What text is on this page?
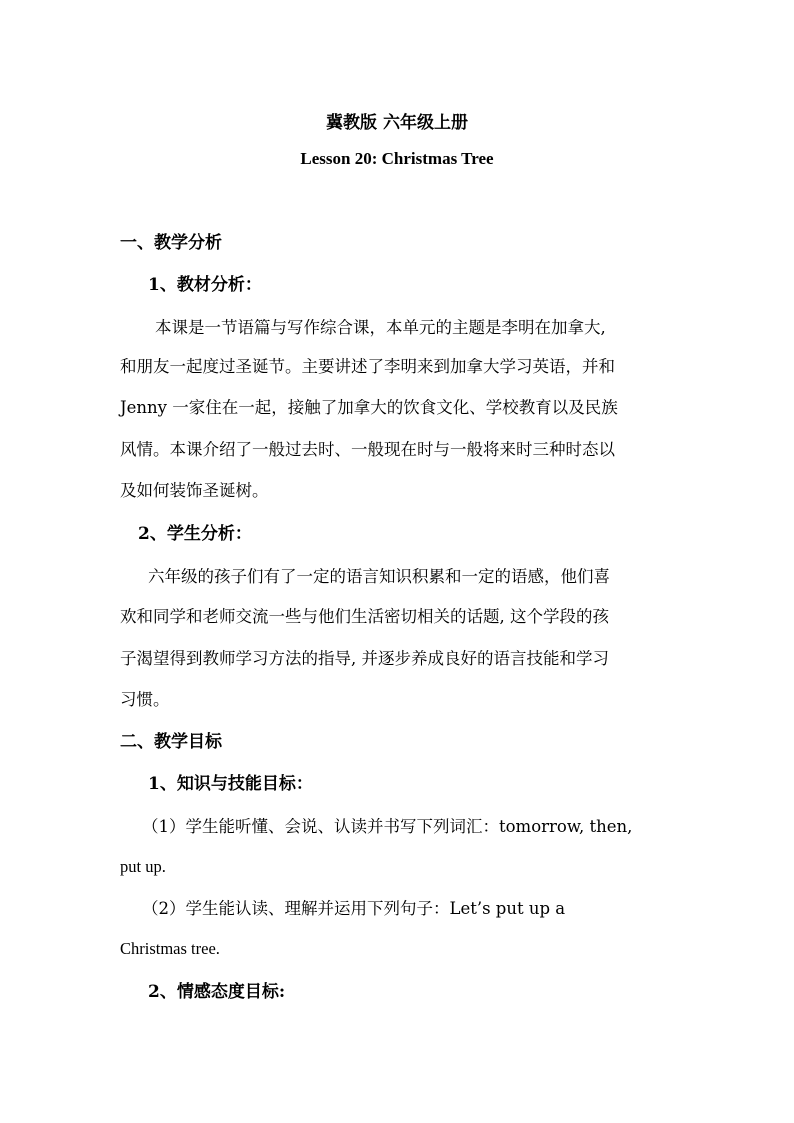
冀教版 六年级上册
Lesson 20: Christmas Tree
一、教学分析
1、教材分析：
本课是一节语篇与写作综合课，本单元的主题是李明在加拿大,
和朋友一起度过圣诞节。主要讲述了李明来到加拿大学习英语，并和
Jenny 一家住在一起，接触了加拿大的饮食文化、学校教育以及民族
风情。本课介绍了一般过去时、一般现在时与一般将来时三种时态以
及如何装饰圣诞树。
2、学生分析：
六年级的孩子们有了一定的语言知识积累和一定的语感，他们喜
欢和同学和老师交流一些与他们生活密切相关的话题, 这个学段的孩
子渴望得到教师学习方法的指导, 并逐步养成良好的语言技能和学习
习惯。
二、教学目标
1、知识与技能目标：
（1）学生能听懂、会说、认读并书写下列词汇：tomorrow, then,
put up.
（2）学生能认读、理解并运用下列句子：Let’s put up a
Christmas tree.
2、情感态度目标:
